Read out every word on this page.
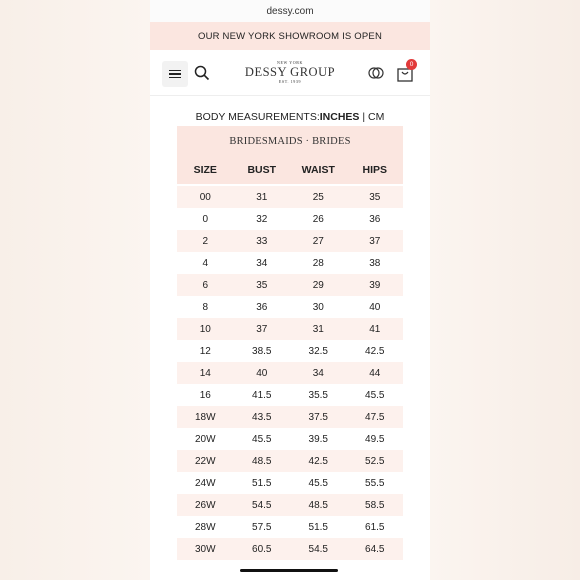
dessy.com
OUR NEW YORK SHOWROOM IS OPEN
NEW YORK
DESSY GROUP
EST. 1939
0
BODY MEASUREMENTS: INCHES | CM
BRIDESMAIDS · BRIDES
SIZE	BUST	WAIST	HIPS
00	31	25	35
0	32	26	36
2	33	27	37
4	34	28	38
6	35	29	39
8	36	30	40
10	37	31	41
12	38.5	32.5	42.5
14	40	34	44
16	41.5	35.5	45.5
18W	43.5	37.5	47.5
20W	45.5	39.5	49.5
22W	48.5	42.5	52.5
24W	51.5	45.5	55.5
26W	54.5	48.5	58.5
28W	57.5	51.5	61.5
30W	60.5	54.5	64.5
